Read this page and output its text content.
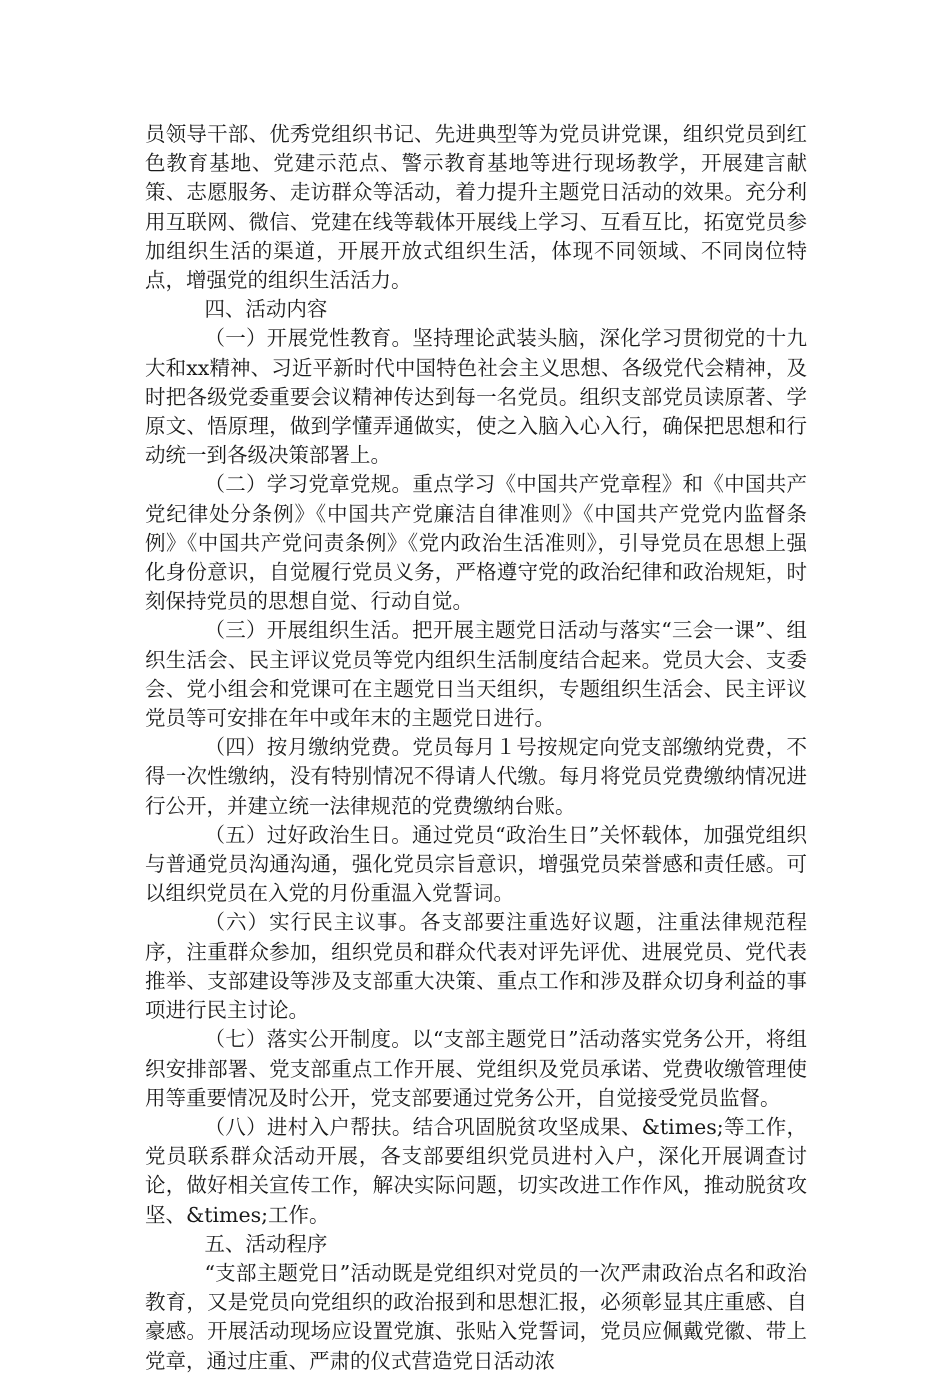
员领导干部、优秀党组织书记、先进典型等为党员讲党课，组织党员到红色教育基地、党建示范点、警示教育基地等进行现场教学，开展建言献策、志愿服务、走访群众等活动，着力提升主题党日活动的效果。充分利用互联网、微信、党建在线等载体开展线上学习、互看互比，拓宽党员参加组织生活的渠道，开展开放式组织生活，体现不同领域、不同岗位特点，增强党的组织生活活力。

四、活动内容

（一）开展党性教育。坚持理论武装头脑，深化学习贯彻党的十九大和xx精神、习近平新时代中国特色社会主义思想、各级党代会精神，及时把各级党委重要会议精神传达到每一名党员。组织支部党员读原著、学原文、悟原理，做到学懂弄通做实，使之入脑入心入行，确保把思想和行动统一到各级决策部署上。

（二）学习党章党规。重点学习《中国共产党章程》和《中国共产党纪律处分条例》《中国共产党廉洁自律准则》《中国共产党党内监督条例》《中国共产党问责条例》《党内政治生活准则》，引导党员在思想上强化身份意识，自觉履行党员义务，严格遵守党的政治纪律和政治规矩，时刻保持党员的思想自觉、行动自觉。

（三）开展组织生活。把开展主题党日活动与落实“三会一课”、组织生活会、民主评议党员等党内组织生活制度结合起来。党员大会、支委会、党小组会和党课可在主题党日当天组织，专题组织生活会、民主评议党员等可安排在年中或年末的主题党日进行。

（四）按月缴纳党费。党员每月１号按规定向党支部缴纳党费，不得一次性缴纳，没有特别情况不得请人代缴。每月将党员党费缴纳情况进行公开，并建立统一法律规范的党费缴纳台账。

（五）过好政治生日。通过党员“政治生日”关怀载体，加强党组织与普通党员沟通沟通，强化党员宗旨意识，增强党员荣誉感和责任感。可以组织党员在入党的月份重温入党誓词。

（六）实行民主议事。各支部要注重选好议题，注重法律规范程序，注重群众参加，组织党员和群众代表对评先评优、进展党员、党代表推举、支部建设等涉及支部重大决策、重点工作和涉及群众切身利益的事项进行民主讨论。

（七）落实公开制度。以“支部主题党日”活动落实党务公开，将组织安排部署、党支部重点工作开展、党组织及党员承诺、党费收缴管理使用等重要情况及时公开，党支部要通过党务公开，自觉接受党员监督。

（八）进村入户帮扶。结合巩固脱贫攻坚成果、&times;等工作，党员联系群众活动开展，各支部要组织党员进村入户，深化开展调查讨论，做好相关宣传工作，解决实际问题，切实改进工作作风，推动脱贫攻坚、&times;工作。

五、活动程序

“支部主题党日”活动既是党组织对党员的一次严肃政治点名和政治教育，又是党员向党组织的政治报到和思想汇报，必须彰显其庄重感、自豪感。开展活动现场应设置党旗、张贴入党誓词，党员应佩戴党徽、带上党章，通过庄重、严肃的仪式营造党日活动浓
